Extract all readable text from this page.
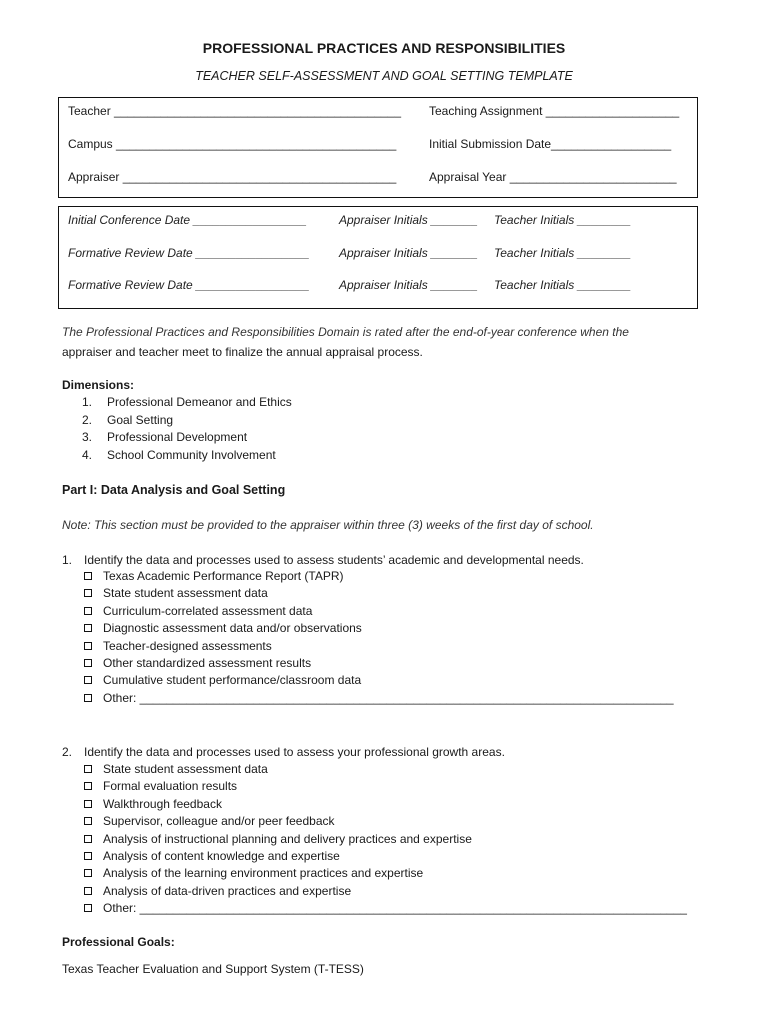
PROFESSIONAL PRACTICES AND RESPONSIBILITIES
TEACHER SELF-ASSESSMENT AND GOAL SETTING TEMPLATE
Teacher ___________________________________________ Teaching Assignment ____________________
Campus __________________________________________	Initial Submission Date__________________
Appraiser _________________________________________	Appraisal Year _________________________
Initial Conference Date _________________	Appraiser Initials _______ Teacher Initials ________
Formative Review Date _________________ Appraiser Initials _______ Teacher Initials ________
Formative Review Date _________________ Appraiser Initials _______ Teacher Initials ________
The Professional Practices and Responsibilities Domain is rated after the end-of-year conference when the
appraiser and teacher meet to finalize the annual appraisal process.
Dimensions:
1. Professional Demeanor and Ethics
2. Goal Setting
3. Professional Development
4. School Community Involvement
Part I: Data Analysis and Goal Setting
Note: This section must be provided to the appraiser within three (3) weeks of the first day of school.
1. Identify the data and processes used to assess students’ academic and developmental needs.
Texas Academic Performance Report (TAPR)
State student assessment data
Curriculum-correlated assessment data
Diagnostic assessment data and/or observations
Teacher-designed assessments
Other standardized assessment results
Cumulative student performance/classroom data
Other: ________________________________________________________________________________
2. Identify the data and processes used to assess your professional growth areas.
State student assessment data
Formal evaluation results
Walkthrough feedback
Supervisor, colleague and/or peer feedback
Analysis of instructional planning and delivery practices and expertise
Analysis of content knowledge and expertise
Analysis of the learning environment practices and expertise
Analysis of data-driven practices and expertise
Other: __________________________________________________________________________________
Professional Goals:
Texas Teacher Evaluation and Support System (T-TESS)
